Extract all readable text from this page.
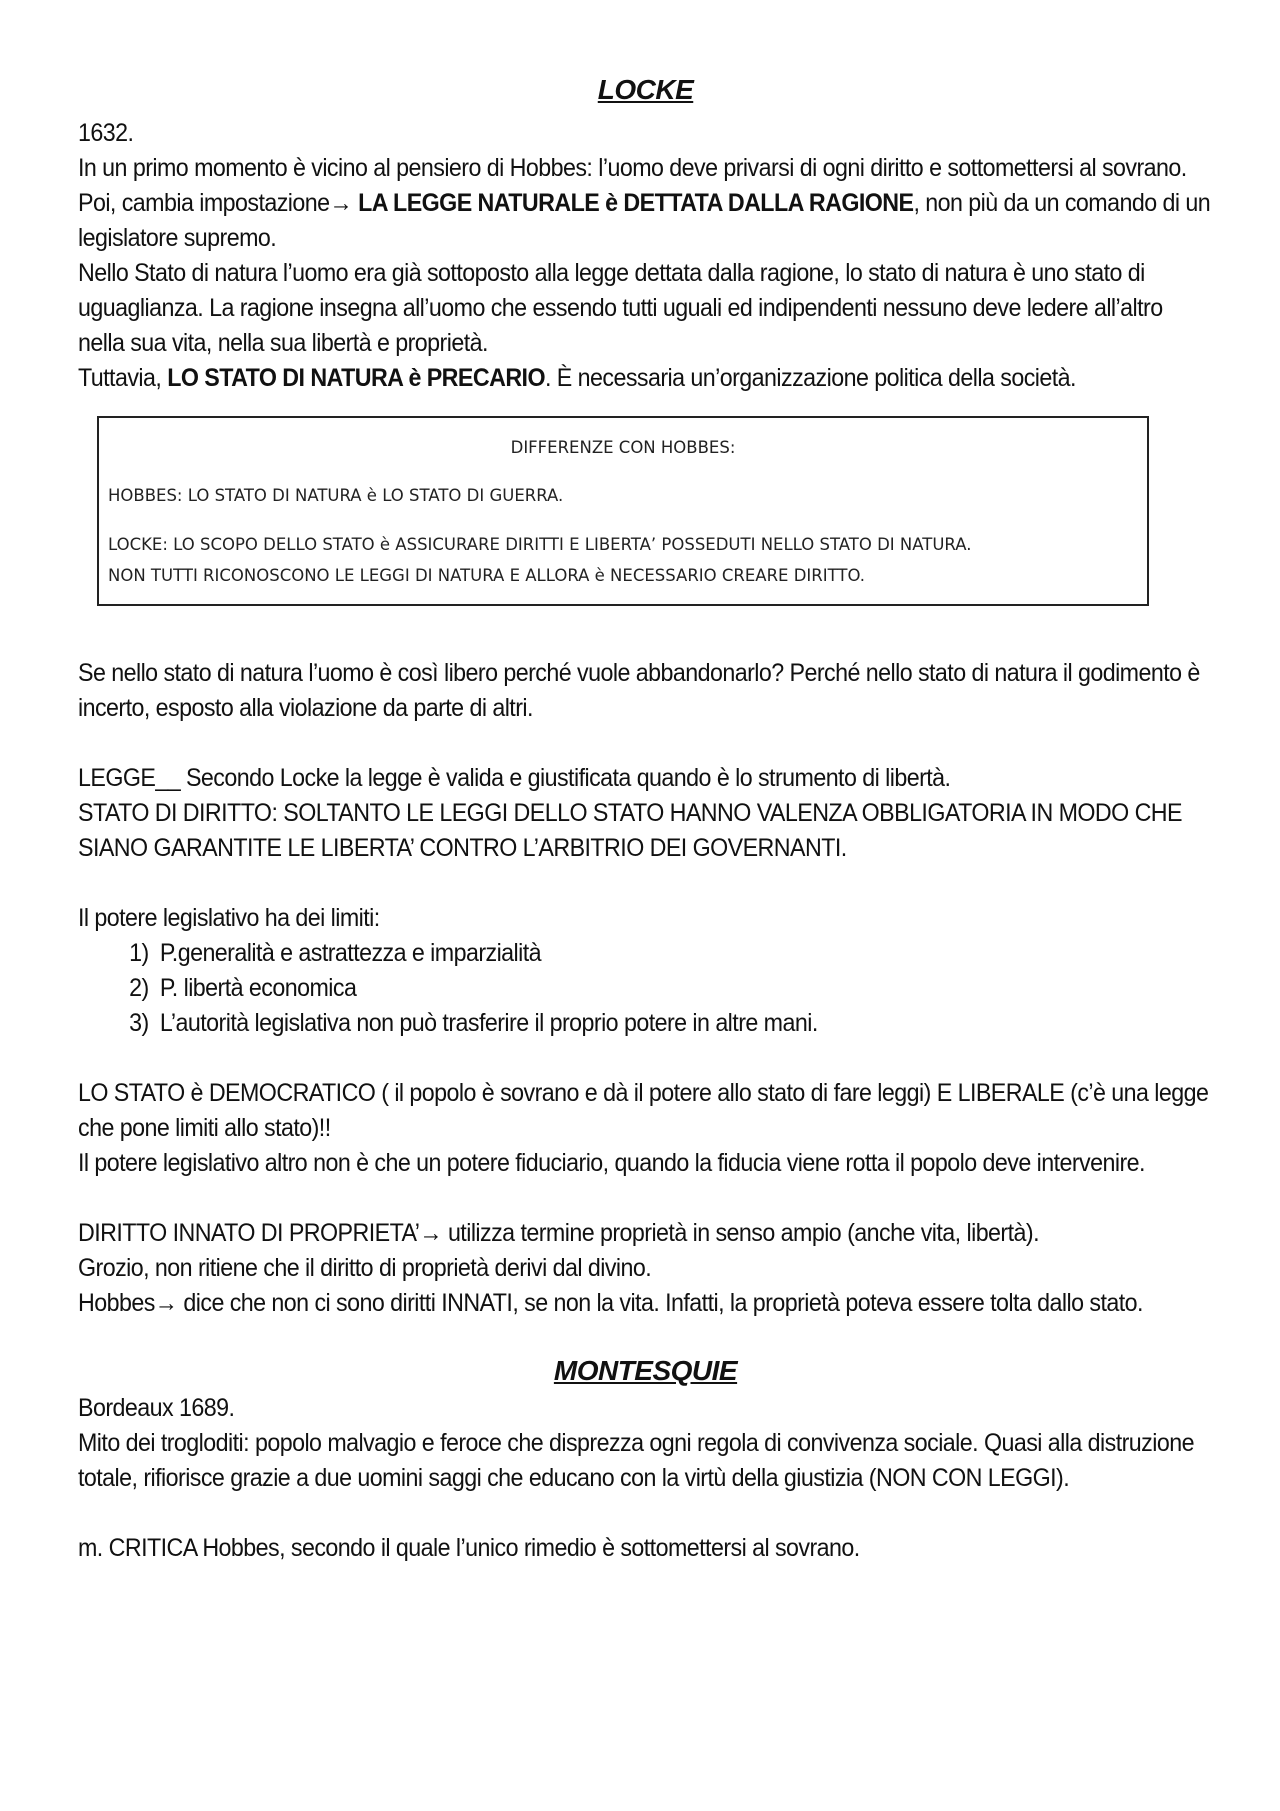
LOCKE

1632.

In un primo momento è vicino al pensiero di Hobbes: l’uomo deve privarsi di ogni diritto e sottomettersi al sovrano.

Poi, cambia impostazione→ LA LEGGE NATURALE è DETTATA DALLA RAGIONE, non più da un comando di un legislatore supremo.

Nello Stato di natura l’uomo era già sottoposto alla legge dettata dalla ragione, lo stato di natura è uno stato di uguaglianza. La ragione insegna all’uomo che essendo tutti uguali ed indipendenti nessuno deve ledere all’altro nella sua vita, nella sua libertà e proprietà.

Tuttavia, LO STATO DI NATURA è PRECARIO. È necessaria un’organizzazione politica della società.

DIFFERENZE CON HOBBES:
HOBBES: LO STATO DI NATURA è LO STATO DI GUERRA.
LOCKE: LO SCOPO DELLO STATO è ASSICURARE DIRITTI E LIBERTA’ POSSEDUTI NELLO STATO DI NATURA.
NON TUTTI RICONOSCONO LE LEGGI DI NATURA E ALLORA è NECESSARIO CREARE DIRITTO.

Se nello stato di natura l’uomo è così libero perché vuole abbandonarlo? Perché nello stato di natura il godimento è incerto, esposto alla violazione da parte di altri.

LEGGE__ Secondo Locke la legge è valida e giustificata quando è lo strumento di libertà.

STATO DI DIRITTO: SOLTANTO LE LEGGI DELLO STATO HANNO VALENZA OBBLIGATORIA IN MODO CHE SIANO GARANTITE LE LIBERTA’ CONTRO L’ARBITRIO DEI GOVERNANTI.

Il potere legislativo ha dei limiti:

1) P.generalità e astrattezza e imparzialità
2) P. libertà economica
3) L’autorità legislativa non può trasferire il proprio potere in altre mani.

LO STATO è DEMOCRATICO ( il popolo è sovrano e dà il potere allo stato di fare leggi) E LIBERALE (c’è una legge che pone limiti allo stato)!!

Il potere legislativo altro non è che un potere fiduciario, quando la fiducia viene rotta il popolo deve intervenire.

DIRITTO INNATO DI PROPRIETA’→ utilizza termine proprietà in senso ampio (anche vita, libertà).

Grozio, non ritiene che il diritto di proprietà derivi dal divino.

Hobbes→ dice che non ci sono diritti INNATI, se non la vita. Infatti, la proprietà poteva essere tolta dallo stato.

MONTESQUIE

Bordeaux 1689.

Mito dei trogloditi: popolo malvagio e feroce che disprezza ogni regola di convivenza sociale. Quasi alla distruzione totale, rifiorisce grazie a due uomini saggi che educano con la virtù della giustizia (NON CON LEGGI).

m. CRITICA Hobbes, secondo il quale l’unico rimedio è sottomettersi al sovrano.
